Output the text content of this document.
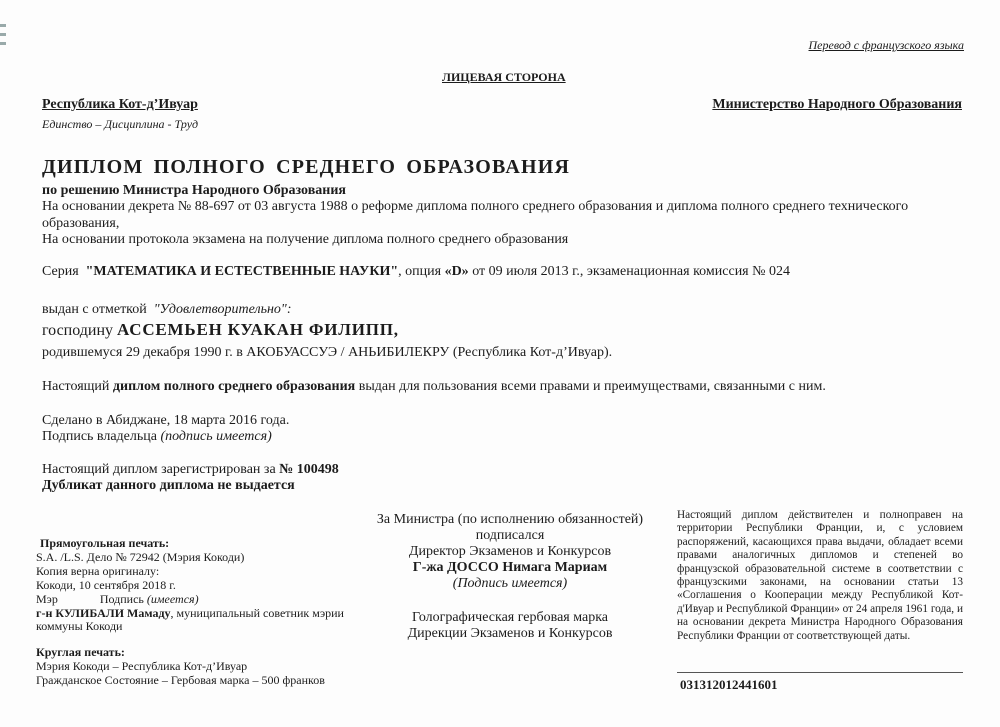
Перевод с французского языка
ЛИЦЕВАЯ СТОРОНА
Республика Кот-д’Ивуар
Единство – Дисциплина - Труд
Министерство Народного Образования
ДИПЛОМ ПОЛНОГО СРЕДНЕГО ОБРАЗОВАНИЯ
по решению Министра Народного Образования
На основании декрета № 88-697 от 03 августа 1988 о реформе диплома полного среднего образования и диплома полного среднего технического
образования,
На основании протокола экзамена на получение диплома полного среднего образования
Серия "МАТЕМАТИКА И ЕСТЕСТВЕННЫЕ НАУКИ", опция «D» от 09 июля 2013 г., экзаменационная комиссия № 024
выдан с отметкой "Удовлетворительно":
господину АССЕМЬЕН КУАКАН ФИЛИПП,
родившемуся 29 декабря 1990 г. в АКОБУАССУЭ / АНЬИБИЛЕКРУ (Республика Кот-д’Ивуар).
Настоящий диплом полного среднего образования выдан для пользования всеми правами и преимуществами, связанными с ним.
Сделано в Абиджане, 18 марта 2016 года.
Подпись владельца (подпись имеется)
Настоящий диплом зарегистрирован за № 100498
Дубликат данного диплома не выдается
Прямоугольная печать:
S.A. /L.S. Дело № 72942 (Мэрия Кокоди)
Копия верна оригиналу:
Кокоди, 10 сентября 2018 г.
Мэр	Подпись (имеется)
г-н КУЛИБАЛИ Мамаду, муниципальный советник мэрии
коммуны Кокоди
Круглая печать:
Мэрия Кокоди – Республика Кот-д’Ивуар
Гражданское Состояние – Гербовая марка – 500 франков
За Министра (по исполнению обязанностей)
подписался
Директор Экзаменов и Конкурсов
Г-жа ДОССО Нимага Мариам
(Подпись имеется)
Голографическая гербовая марка
Дирекции Экзаменов и Конкурсов
Настоящий диплом действителен и полноправен на территории Республики Франции, и, с условием распоряжений, касающихся права выдачи, обладает всеми правами аналогичных дипломов и степеней во французской образовательной системе в соответствии с французскими законами, на основании статьи 13 «Соглашения о Кооперации между Республикой Кот-д'Ивуар и Республикой Франции» от 24 апреля 1961 года, и на основании декрета Министра Народного Образования Республики Франции от соответствующей даты.
031312012441601
